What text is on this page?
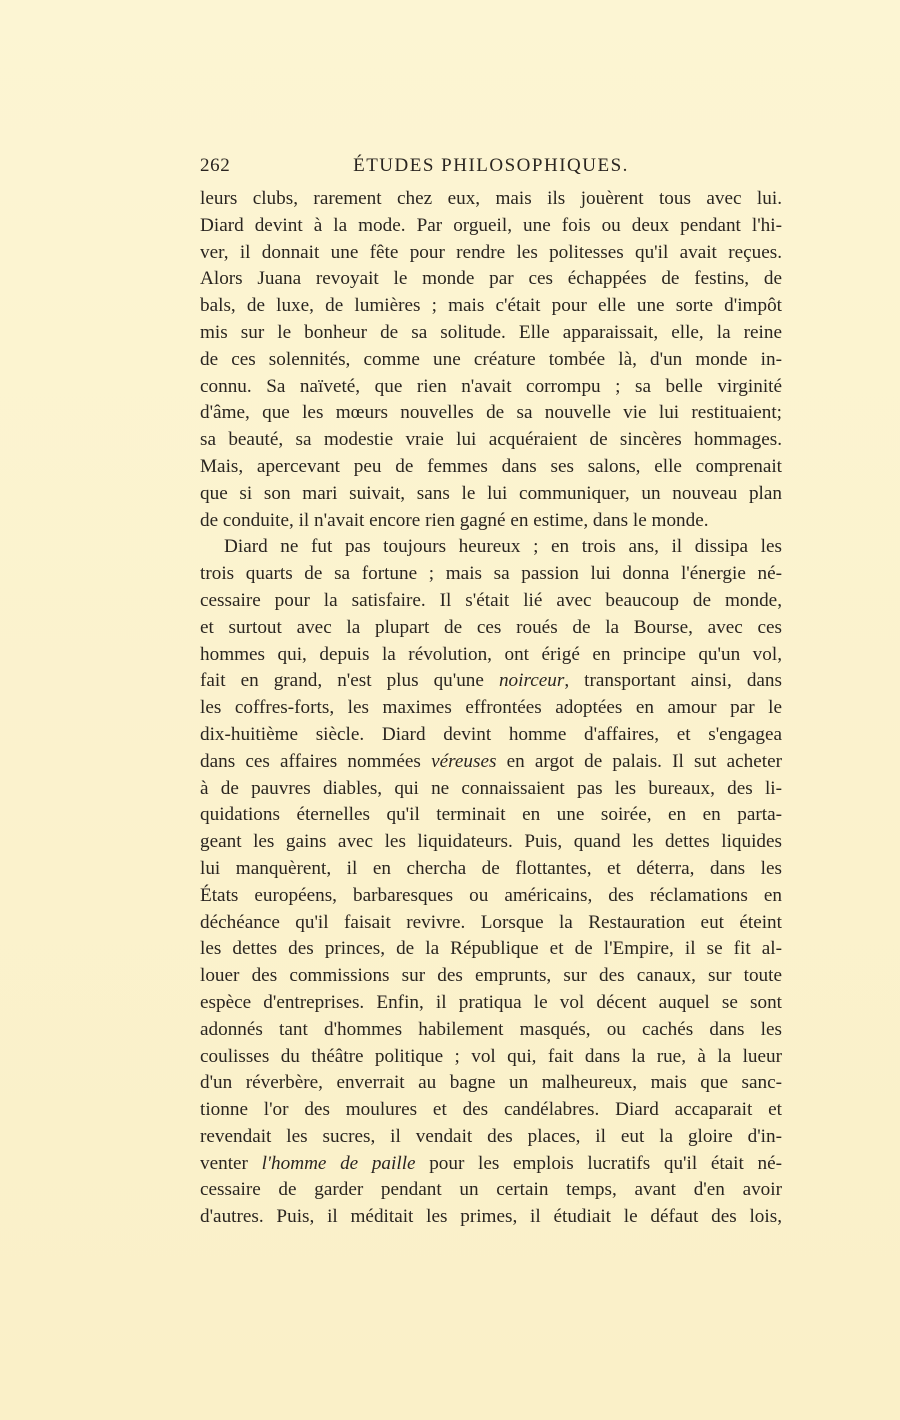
262	ÉTUDES PHILOSOPHIQUES.
leurs clubs, rarement chez eux, mais ils jouèrent tous avec lui.
Diard devint à la mode. Par orgueil, une fois ou deux pendant l'hi-
ver, il donnait une fête pour rendre les politesses qu'il avait reçues.
Alors Juana revoyait le monde par ces échappées de festins, de
bals, de luxe, de lumières ; mais c'était pour elle une sorte d'impôt
mis sur le bonheur de sa solitude. Elle apparaissait, elle, la reine
de ces solennités, comme une créature tombée là, d'un monde in-
connu. Sa naïveté, que rien n'avait corrompu ; sa belle virginité
d'âme, que les mœurs nouvelles de sa nouvelle vie lui restituaient;
sa beauté, sa modestie vraie lui acquéraient de sincères hommages.
Mais, apercevant peu de femmes dans ses salons, elle comprenait
que si son mari suivait, sans le lui communiquer, un nouveau plan
de conduite, il n'avait encore rien gagné en estime, dans le monde.
Diard ne fut pas toujours heureux ; en trois ans, il dissipa les
trois quarts de sa fortune ; mais sa passion lui donna l'énergie né-
cessaire pour la satisfaire. Il s'était lié avec beaucoup de monde,
et surtout avec la plupart de ces roués de la Bourse, avec ces
hommes qui, depuis la révolution, ont érigé en principe qu'un vol,
fait en grand, n'est plus qu'une noirceur, transportant ainsi, dans
les coffres-forts, les maximes effrontées adoptées en amour par le
dix-huitième siècle. Diard devint homme d'affaires, et s'engagea
dans ces affaires nommées véreuses en argot de palais. Il sut acheter
à de pauvres diables, qui ne connaissaient pas les bureaux, des li-
quidations éternelles qu'il terminait en une soirée, en en parta-
geant les gains avec les liquidateurs. Puis, quand les dettes liquides
lui manquèrent, il en chercha de flottantes, et déterra, dans les
États européens, barbaresques ou américains, des réclamations en
déchéance qu'il faisait revivre. Lorsque la Restauration eut éteint
les dettes des princes, de la République et de l'Empire, il se fit al-
louer des commissions sur des emprunts, sur des canaux, sur toute
espèce d'entreprises. Enfin, il pratiqua le vol décent auquel se sont
adonnés tant d'hommes habilement masqués, ou cachés dans les
coulisses du théâtre politique ; vol qui, fait dans la rue, à la lueur
d'un réverbère, enverrait au bagne un malheureux, mais que sanc-
tionne l'or des moulures et des candélabres. Diard accaparait et
revendait les sucres, il vendait des places, il eut la gloire d'in-
venter l'homme de paille pour les emplois lucratifs qu'il était né-
cessaire de garder pendant un certain temps, avant d'en avoir
d'autres. Puis, il méditait les primes, il étudiait le défaut des lois,
